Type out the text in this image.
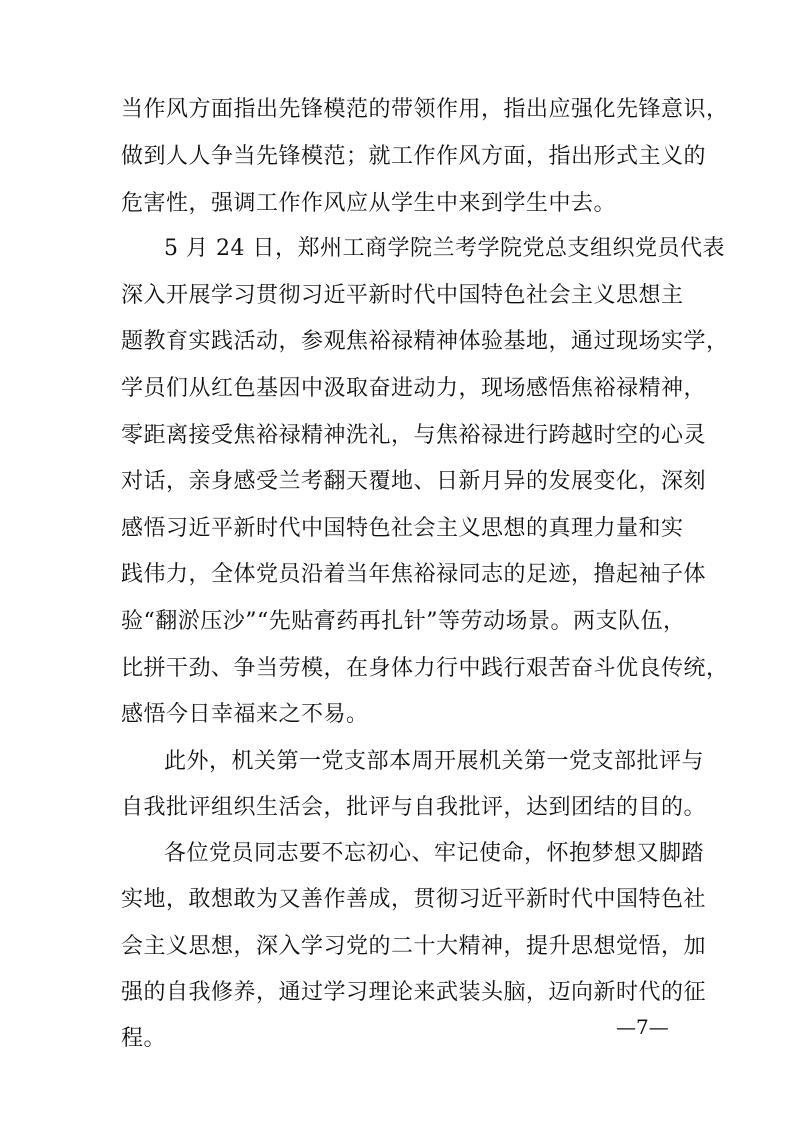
当作风方面指出先锋模范的带领作用，指出应强化先锋意识，
做到人人争当先锋模范；就工作作风方面，指出形式主义的
危害性，强调工作作风应从学生中来到学生中去。
5 月 24 日，郑州工商学院兰考学院党总支组织党员代表
深入开展学习贯彻习近平新时代中国特色社会主义思想主
题教育实践活动，参观焦裕禄精神体验基地，通过现场实学，
学员们从红色基因中汲取奋进动力，现场感悟焦裕禄精神，
零距离接受焦裕禄精神洗礼，与焦裕禄进行跨越时空的心灵
对话，亲身感受兰考翻天覆地、日新月异的发展变化，深刻
感悟习近平新时代中国特色社会主义思想的真理力量和实
践伟力，全体党员沿着当年焦裕禄同志的足迹，撸起袖子体
验“翻淤压沙”“先贴膏药再扎针”等劳动场景。两支队伍，
比拼干劲、争当劳模，在身体力行中践行艰苦奋斗优良传统，
感悟今日幸福来之不易。
此外，机关第一党支部本周开展机关第一党支部批评与
自我批评组织生活会，批评与自我批评，达到团结的目的。
各位党员同志要不忘初心、牢记使命，怀抱梦想又脚踏
实地，敢想敢为又善作善成，贯彻习近平新时代中国特色社
会主义思想，深入学习党的二十大精神，提升思想觉悟，加
强的自我修养，通过学习理论来武装头脑，迈向新时代的征
程。	—7—
